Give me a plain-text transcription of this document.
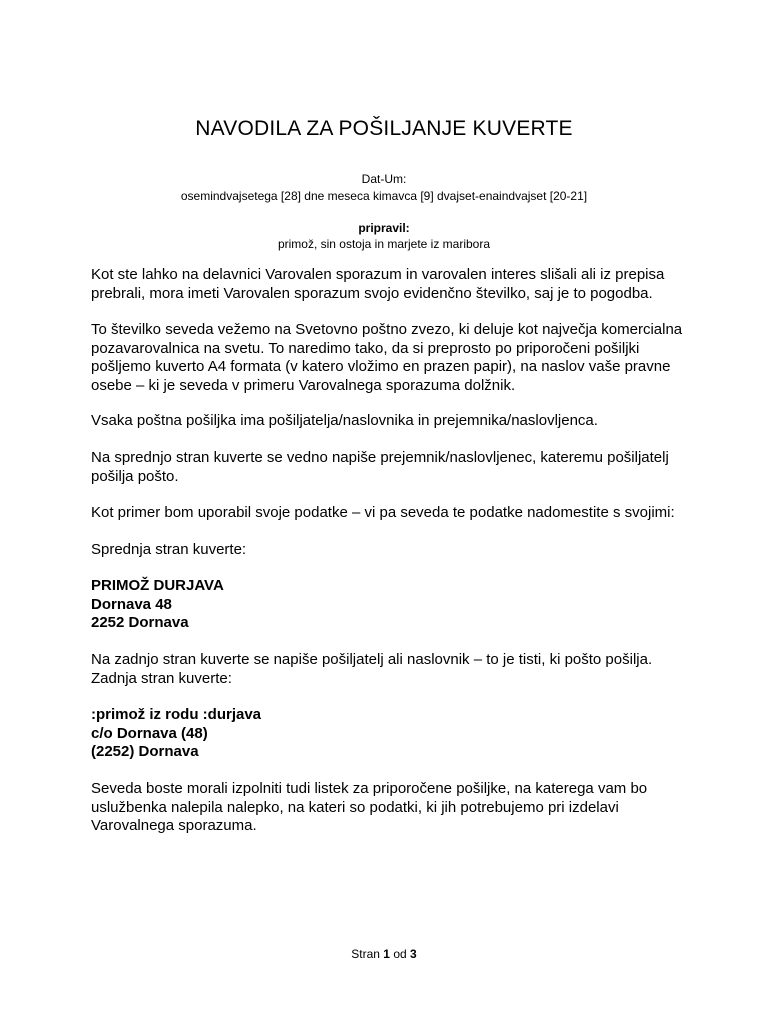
NAVODILA ZA POŠILJANJE KUVERTE
Dat-Um:
osemindvajsetega [28] dne meseca kimavca [9] dvajset-enaindvajset [20-21]
pripravil:
primož, sin ostoja in marjete iz maribora
Kot ste lahko na delavnici Varovalen sporazum in varovalen interes slišali ali iz prepisa
prebrali, mora imeti Varovalen sporazum svojo evidenčno številko, saj je to pogodba.
To številko seveda vežemo na Svetovno poštno zvezo, ki deluje kot največja komercialna
pozavarovalnica na svetu. To naredimo tako, da si preprosto po priporočeni pošiljki
pošljemo kuverto A4 formata (v katero vložimo en prazen papir), na naslov vaše pravne
osebe – ki je seveda v primeru Varovalnega sporazuma dolžnik.
Vsaka poštna pošiljka ima pošiljatelja/naslovnika in prejemnika/naslovljenca.
Na sprednjo stran kuverte se vedno napiše prejemnik/naslovljenec, kateremu pošiljatelj
pošilja pošto.
Kot primer bom uporabil svoje podatke – vi pa seveda te podatke nadomestite s svojimi:
Sprednja stran kuverte:
PRIMOŽ DURJAVA
Dornava 48
2252 Dornava
Na zadnjo stran kuverte se napiše pošiljatelj ali naslovnik – to je tisti, ki pošto pošilja.
Zadnja stran kuverte:
:primož iz rodu :durjava
c/o Dornava (48)
(2252) Dornava
Seveda boste morali izpolniti tudi listek za priporočene pošiljke, na katerega vam bo
uslužbenka nalepila nalepko, na kateri so podatki, ki jih potrebujemo pri izdelavi
Varovalnega sporazuma.
Stran 1 od 3
